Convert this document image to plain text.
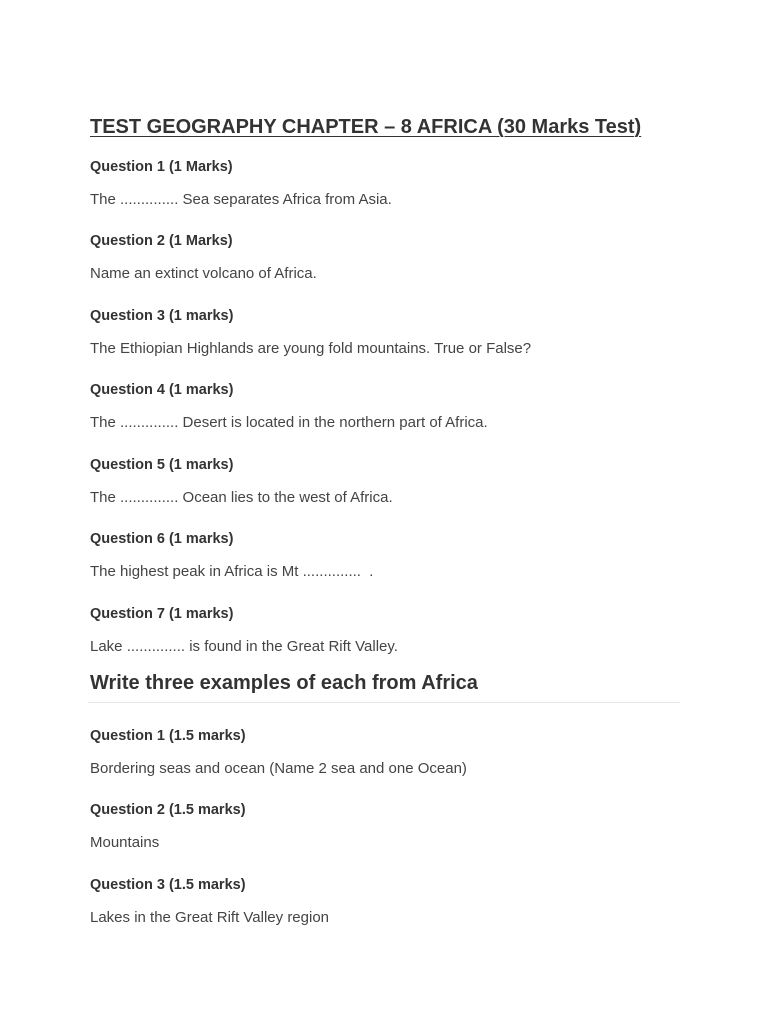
TEST GEOGRAPHY CHAPTER – 8 AFRICA (30 Marks Test)
Question 1 (1 Marks)
The .............. Sea separates Africa from Asia.
Question 2 (1 Marks)
Name an extinct volcano of Africa.
Question 3 (1 marks)
The Ethiopian Highlands are young fold mountains. True or False?
Question 4 (1 marks)
The .............. Desert is located in the northern part of Africa.
Question 5 (1 marks)
The .............. Ocean lies to the west of Africa.
Question 6 (1 marks)
The highest peak in Africa is Mt ..............  .
Question 7 (1 marks)
Lake .............. is found in the Great Rift Valley.
Write three examples of each from Africa
Question 1 (1.5 marks)
Bordering seas and ocean (Name 2 sea and one Ocean)
Question 2 (1.5 marks)
Mountains
Question 3 (1.5 marks)
Lakes in the Great Rift Valley region
